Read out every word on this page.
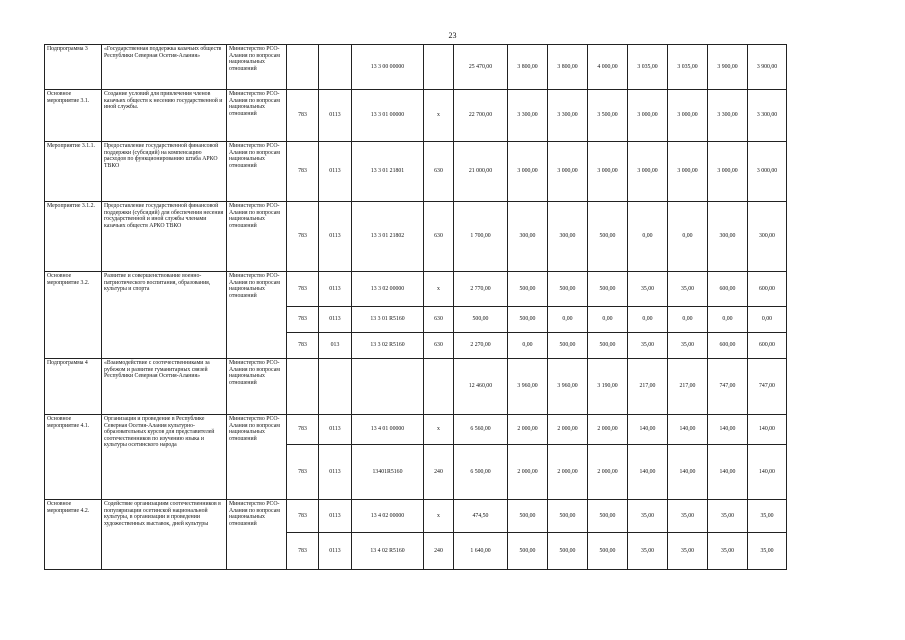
23
Подпрограмма 3	«Государственная поддержка казачьих обществ Республики Северная Осетия-Алания»	Министерство РСО-Алания по вопросам национальных отношений			13 3 00 00000		25 470,00	3 800,00	3 800,00	4 000,00	3 035,00	3 035,00	3 900,00	3 900,00
Основное мероприятие 3.1.	Создание условий для привлечения членов казачьих обществ к несению государственной и иной службы.	Министерство РСО-Алания по вопросам национальных отношений	783	0113	13 3 01 00000	х	22 700,00	3 300,00	3 300,00	3 500,00	3 000,00	3 000,00	3 300,00	3 300,00
Мероприятие 3.1.1.	Предоставление государственной финансовой поддержки (субсидий) на компенсацию расходов по функционированию штаба АРКО ТВКО	Министерство РСО-Алания по вопросам национальных отношений	783	0113	13 3 01 21801	630	21 000,00	3 000,00	3 000,00	3 000,00	3 000,00	3 000,00	3 000,00	3 000,00
Мероприятие 3.1.2.	Предоставление государственной финансовой поддержки (субсидий) для обеспечения несения государственной и иной службы членами казачьих обществ АРКО ТВКО	Министерство РСО-Алания по вопросам национальных отношений	783	0113	13 3 01 21802	630	1 700,00	300,00	300,00	500,00	0,00	0,00	300,00	300,00
Основное мероприятие 3.2.	Развитие и совершенствование военно-патриотического воспитания, образования, культуры и спорта	Министерство РСО-Алания по вопросам национальных отношений	783	0113	13 3 02 00000	х	2 770,00	500,00	500,00	500,00	35,00	35,00	600,00	600,00
			783	0113	13 3 01 R5160	630	500,00	500,00	0,00	0,00	0,00	0,00	0,00	0,00
			783	013	13 3 02 R5160	630	2 270,00	0,00	500,00	500,00	35,00	35,00	600,00	600,00
Подпрограмма 4	«Взаимодействие с соотечественниками за рубежом и развитие гуманитарных связей Республики Северная Осетия-Алания»	Министерство РСО-Алания по вопросам национальных отношений					12 460,00	3 960,00	3 960,00	3 190,00	217,00	217,00	747,00	747,00
Основное мероприятие 4.1.	Организация и проведение в Республике Северная Осетия-Алания культурно-образовательных курсов для представителей соотечественников по изучению языка и культуры осетинского народа	Министерство РСО-Алания по вопросам национальных отношений	783	0113	13 4 01 00000	х	6 560,00	2 000,00	2 000,00	2 000,00	140,00	140,00	140,00	140,00
			783	0113	13401R5160	240	6 500,00	2 000,00	2 000,00	2 000,00	140,00	140,00	140,00	140,00
Основное мероприятие 4.2.	Содействие организациям соотечественников в популяризации осетинской национальной культуры, в организации и проведении художественных выставок, дней культуры	Министерство РСО-Алания по вопросам национальных отношений	783	0113	13 4 02 00000	х	474,50	500,00	500,00	500,00	35,00	35,00	35,00	35,00
			783	0113	13 4 02 R5160	240	1 640,00	500,00	500,00	500,00	35,00	35,00	35,00	35,00
